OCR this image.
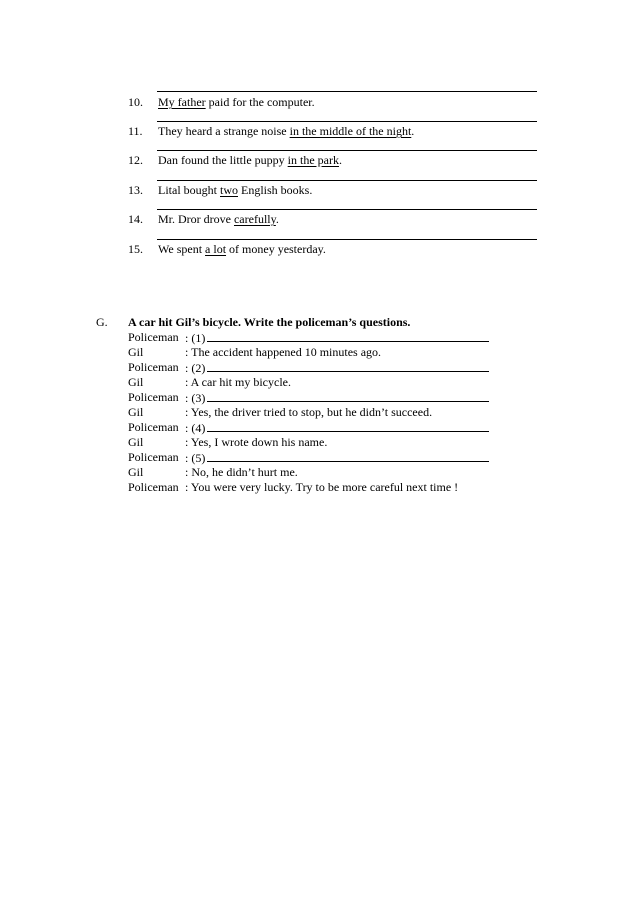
10.	My father paid for the computer.
11.	They heard a strange noise in the middle of the night.
12.	Dan found the little puppy in the park.
13.	Lital bought two English books.
14.	Mr. Dror drove carefully.
15.	We spent a lot of money yesterday.
G. A car hit Gil’s bicycle. Write the policeman’s questions.
Policeman : (1)
Gil	: The accident happened 10 minutes ago.
Policeman : (2)
Gil	: A car hit my bicycle.
Policeman : (3)
Gil	: Yes, the driver tried to stop, but he didn’t succeed.
Policeman : (4)
Gil	: Yes, I wrote down his name.
Policeman : (5)
Gil	: No, he didn’t hurt me.
Policeman : You were very lucky. Try to be more careful next time !
